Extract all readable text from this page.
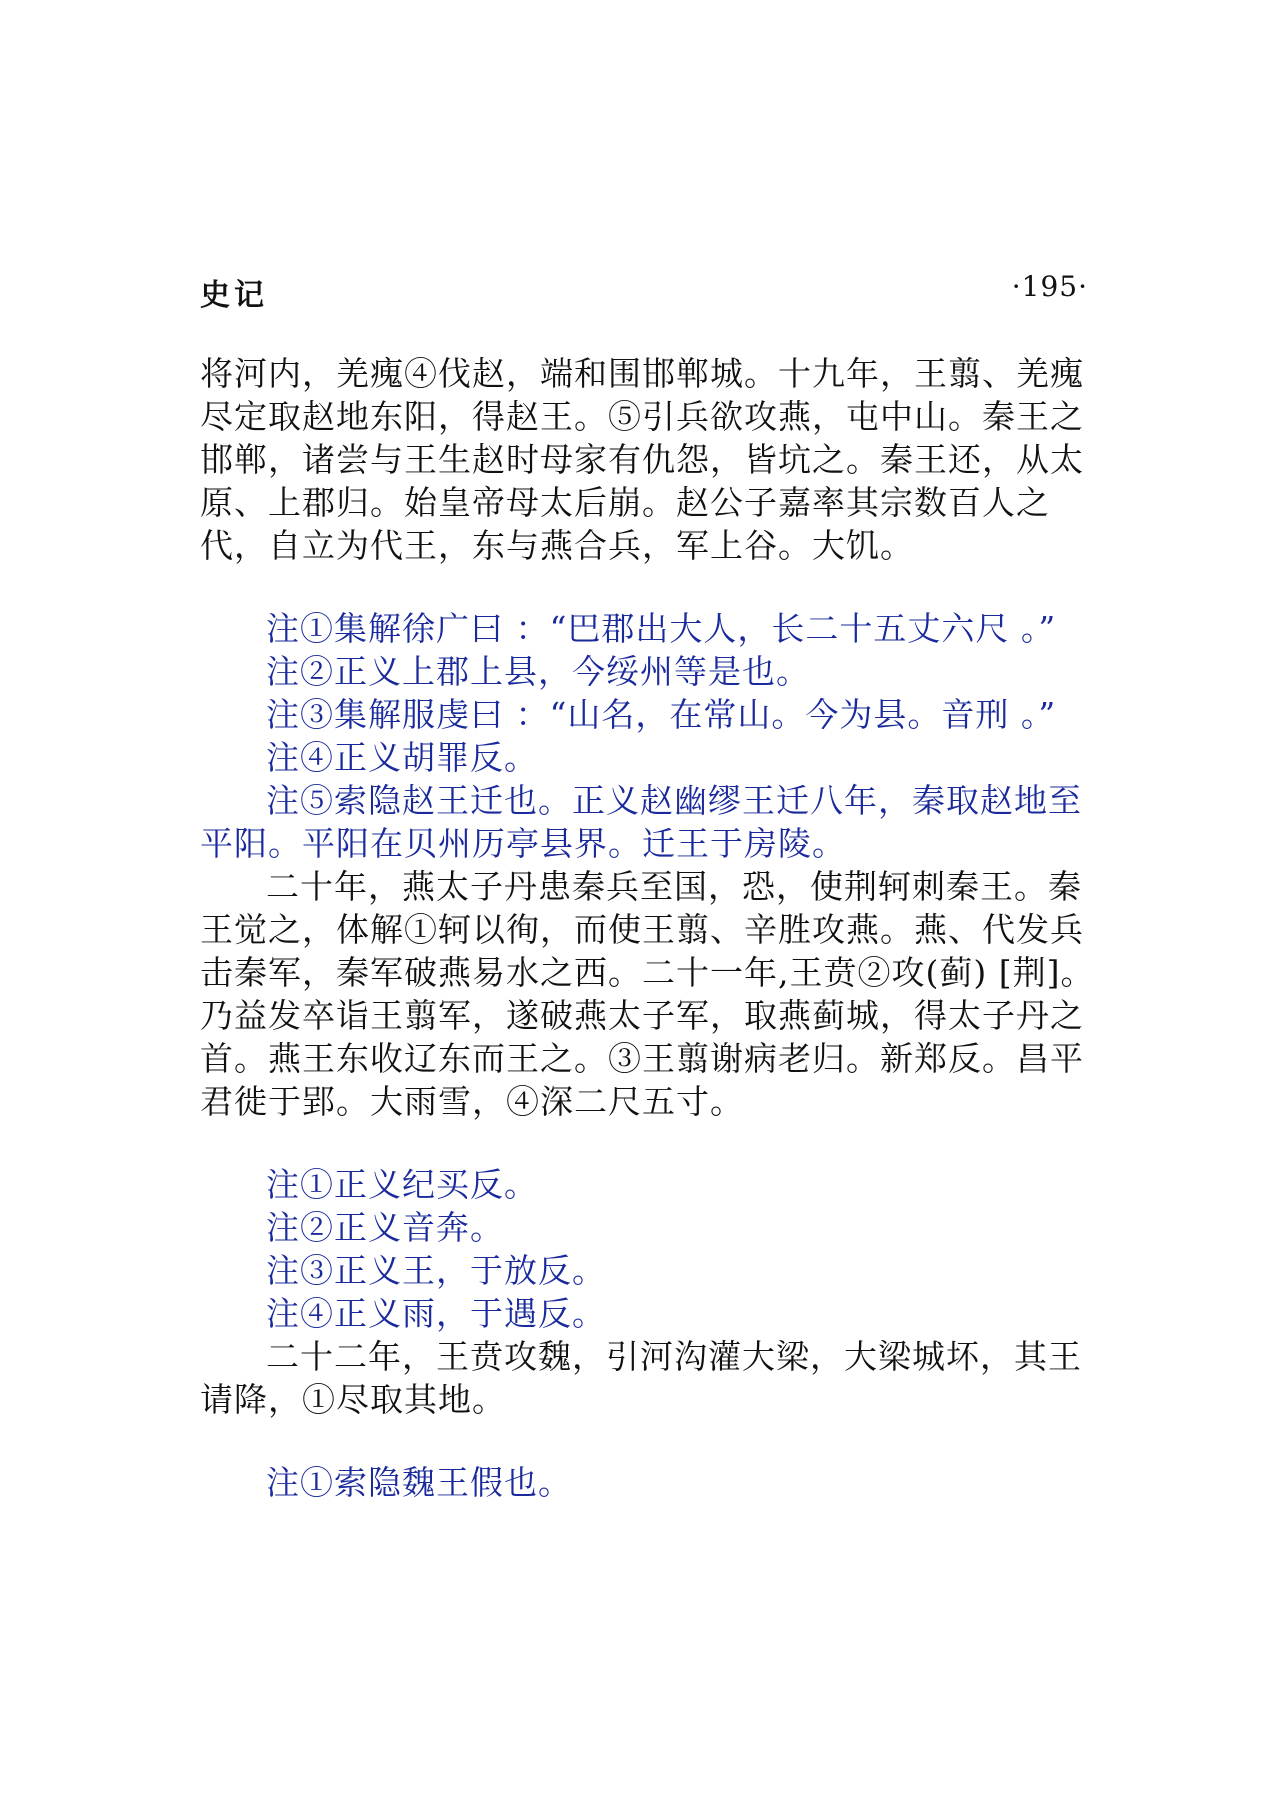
史记	·195·

将河内，羌瘣④伐赵，端和围邯郸城。十九年，王翦、羌瘣尽定取赵地东阳，得赵王。⑤引兵欲攻燕，屯中山。秦王之邯郸，诸尝与王生赵时母家有仇怨，皆坑之。秦王还，从太原、上郡归。始皇帝母太后崩。赵公子嘉率其宗数百人之代，自立为代王，东与燕合兵，军上谷。大饥。

注①集解徐广曰 ：“巴郡出大人，长二十五丈六尺 。”

注②正义上郡上县，今绥州等是也。

注③集解服虔曰 ：“山名，在常山。今为县。音刑 。”

注④正义胡罪反。

注⑤索隐赵王迁也。正义赵幽缪王迁八年，秦取赵地至平阳。平阳在贝州历亭县界。迁王于房陵。

二十年，燕太子丹患秦兵至国，恐，使荆轲刺秦王。秦王觉之，体解①轲以徇，而使王翦、辛胜攻燕。燕、代发兵击秦军，秦军破燕易水之西。二十一年,王贲②攻(蓟) [荆]。乃益发卒诣王翦军，遂破燕太子军，取燕蓟城，得太子丹之首。燕王东收辽东而王之。③王翦谢病老归。新郑反。昌平君徙于郢。大雨雪，④深二尺五寸。

注①正义纪买反。

注②正义音奔。

注③正义王，于放反。

注④正义雨，于遇反。

二十二年，王贲攻魏，引河沟灌大梁，大梁城坏，其王请降，①尽取其地。

注①索隐魏王假也。
